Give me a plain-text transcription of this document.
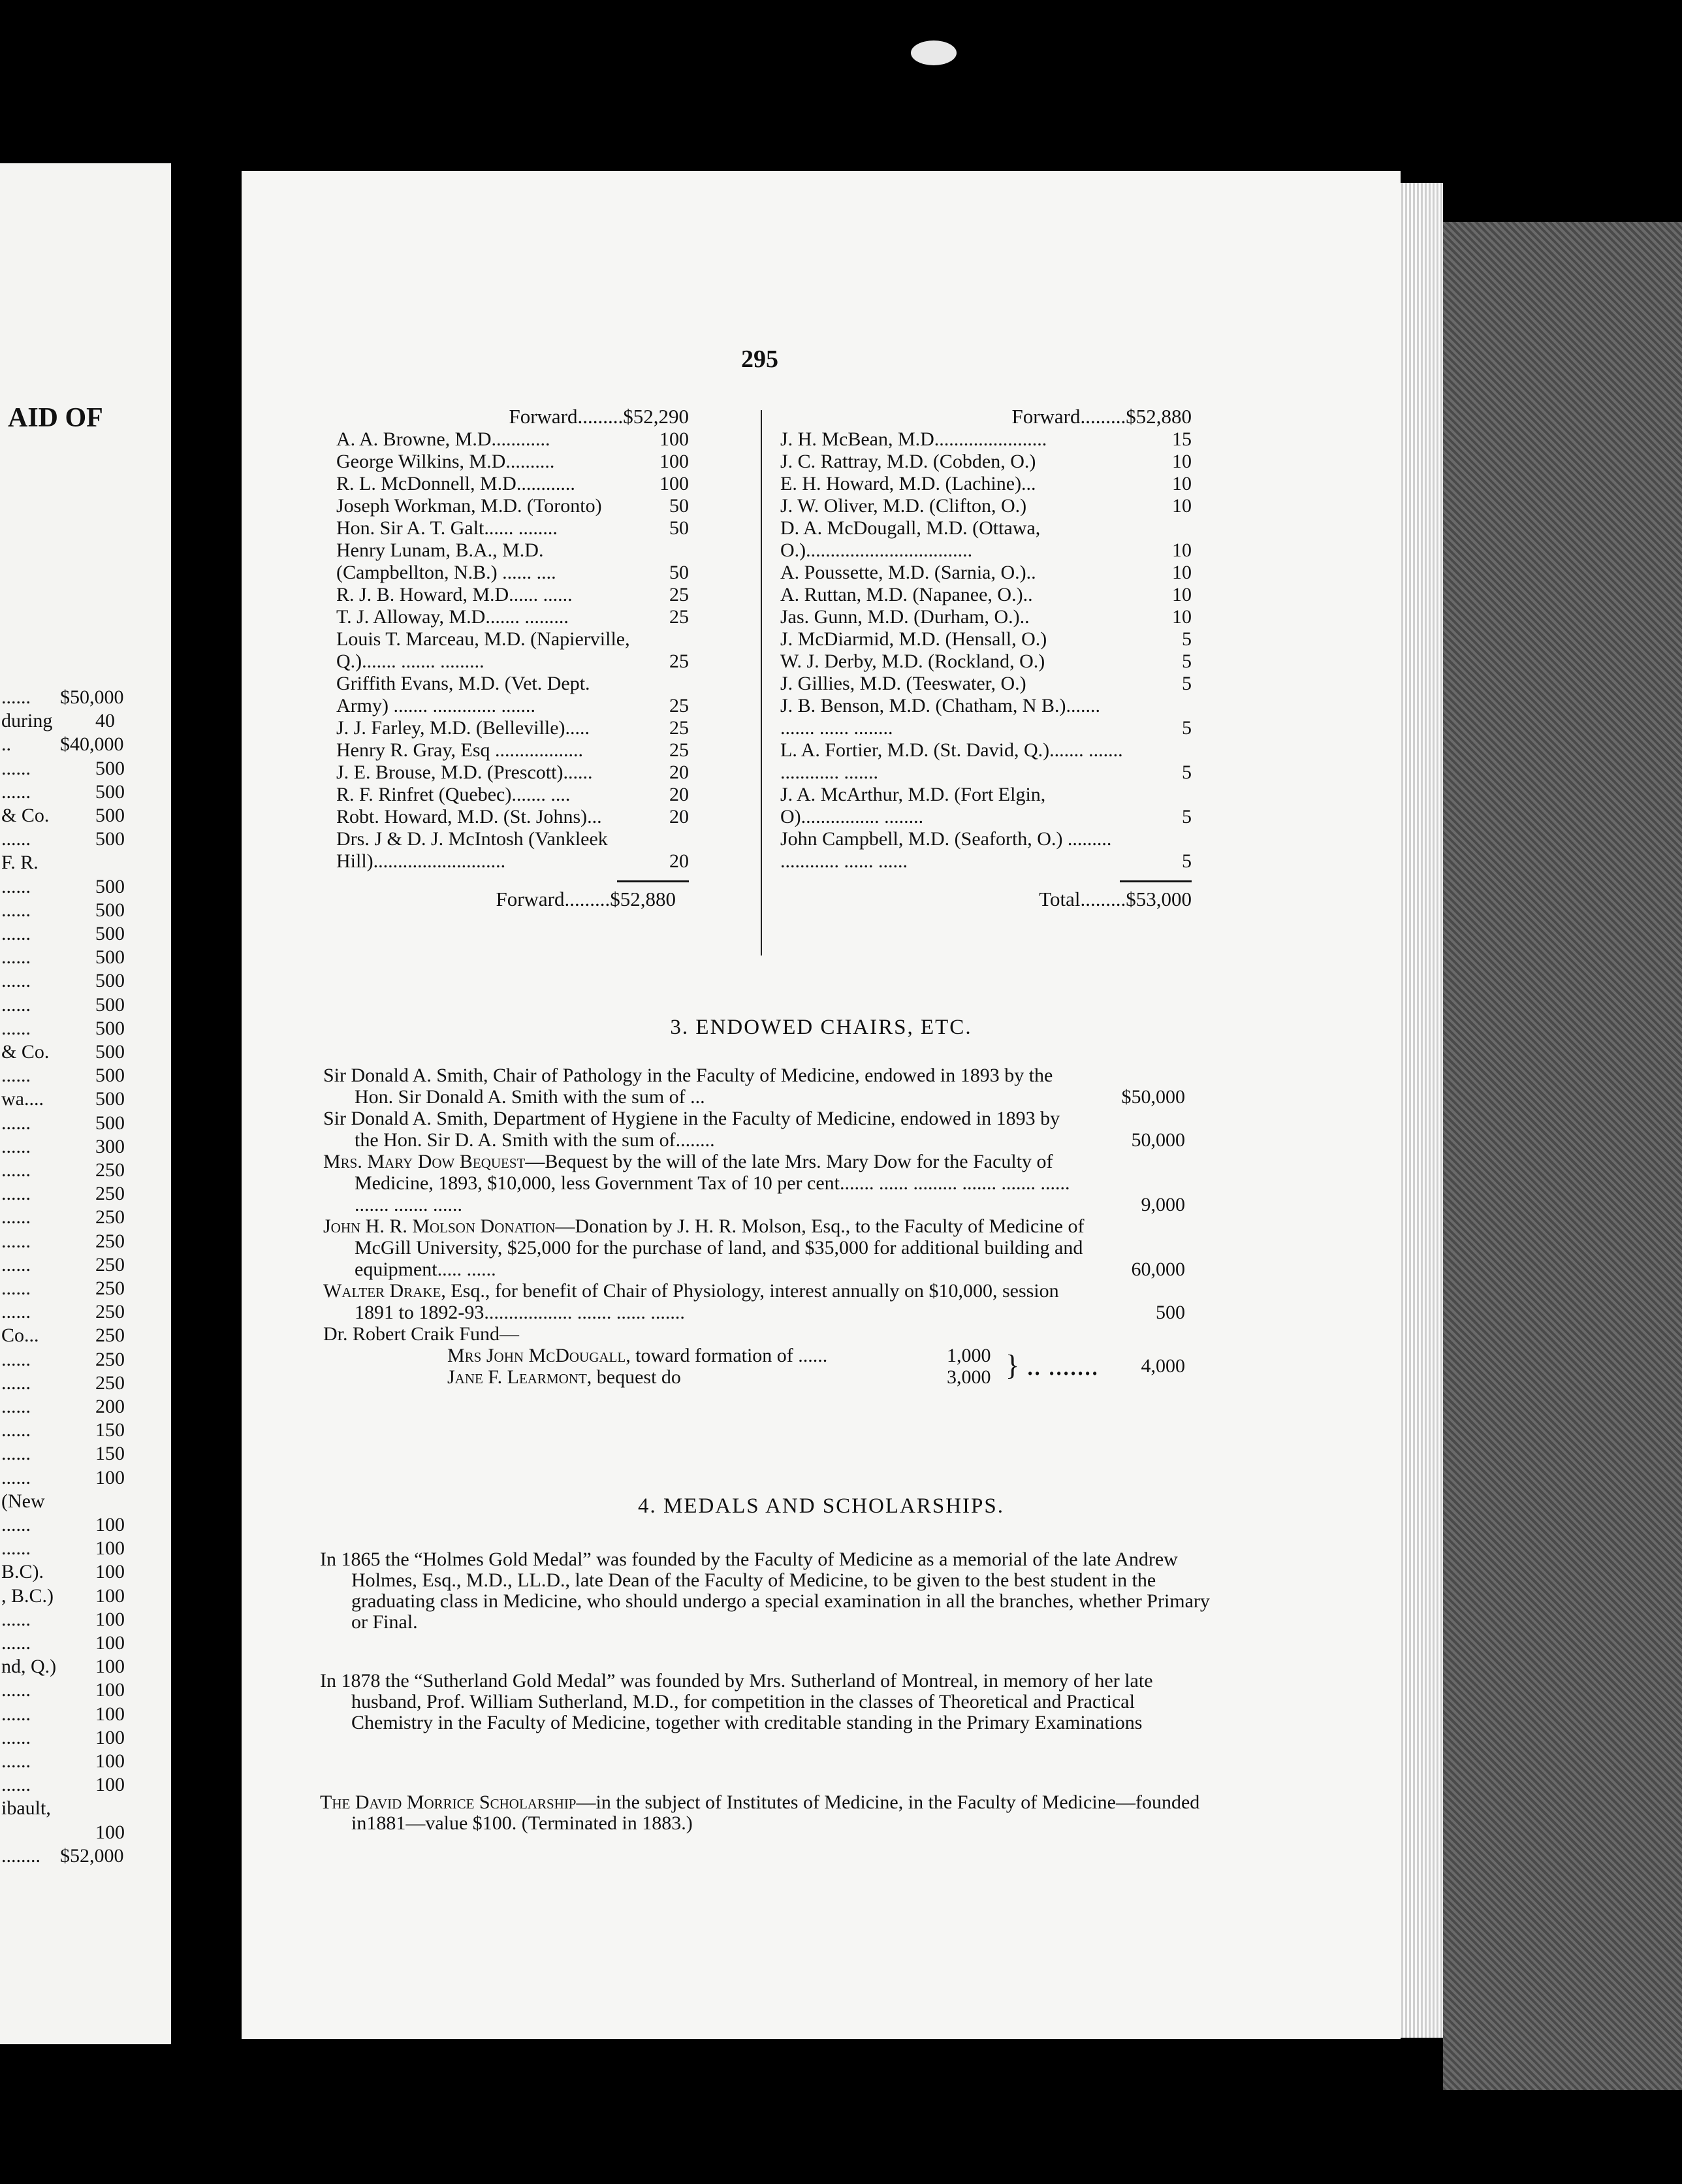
AID OF
...... $50,000
during 40
..	$40,000
......	500
......	500
& Co. 500
......	500
F. R.
......	500
......	500
......	500
......	500
......	500
......	500
......	500
& Co. 500
......	500
wa....	500
......	500
......	300
......	250
......	250
......	250
......	250
......	250
......	250
......	250
Co...	250
......	250
......	250
......	200
......	150
......	150
......	100
(New
......	100
......	100
B.C).	100
, B.C.) 100
......	100
......	100
nd, Q.) 100
......	100
......	100
......	100
......	100
......	100
ibault,
100
........ $52,000
295
Forward.........$52,290
A. A. Browne, M.D............	100
George Wilkins, M.D..........	100
R. L. McDonnell, M.D............	100
Joseph Workman, M.D. (Toronto)	50
Hon. Sir A. T. Galt...... ........	50
Henry Lunam, B.A., M.D. (Campbellton, N.B.) ...... ....	50
R. J. B. Howard, M.D...... ......	25
T. J. Alloway, M.D....... .........	25
Louis T. Marceau, M.D. (Napierville, Q.)....... ....... .........	25
Griffith Evans, M.D. (Vet. Dept. Army) ....... ............. .......	25
J. J. Farley, M.D. (Belleville).....	25
Henry R. Gray, Esq ..................	25
J. E. Brouse, M.D. (Prescott)......	20
R. F. Rinfret (Quebec)....... ....	20
Robt. Howard, M.D. (St. Johns)...	20
Drs. J & D. J. McIntosh (Vankleek Hill)...........................	20
Forward.........$52,880
Forward.........$52,880
J. H. McBean, M.D.......................	15
J. C. Rattray, M.D. (Cobden, O.)	10
E. H. Howard, M.D. (Lachine)...	10
J. W. Oliver, M.D. (Clifton, O.)	10
D. A. McDougall, M.D. (Ottawa, O.)..................................	10
A. Poussette, M.D. (Sarnia, O.)..	10
A. Ruttan, M.D. (Napanee, O.)..	10
Jas. Gunn, M.D. (Durham, O.)..	10
J. McDiarmid, M.D. (Hensall, O.)	5
W. J. Derby, M.D. (Rockland, O.)	5
J. Gillies, M.D. (Teeswater, O.)	5
J. B. Benson, M.D. (Chatham, N B.)....... ....... ...... ........	5
L. A. Fortier, M.D. (St. David, Q.)....... ....... ............ .......	5
J. A. McArthur, M.D. (Fort Elgin, O)................ ........	5
John Campbell, M.D. (Seaforth, O.) ......... ............ ...... ......	5
Total.........$53,000
3. ENDOWED CHAIRS, ETC.
Sir Donald A. Smith, Chair of Pathology in the Faculty of Medicine, endowed in 1893 by the Hon. Sir Donald A. Smith with the sum of ...	$50,000
Sir Donald A. Smith, Department of Hygiene in the Faculty of Medicine, endowed in 1893 by the Hon. Sir D. A. Smith with the sum of........	50,000
Mrs. Mary Dow Bequest—Bequest by the will of the late Mrs. Mary Dow for the Faculty of Medicine, 1893, $10,000, less Government Tax of 10 per cent....... ...... ......... ....... ....... ...... ....... ....... ......	9,000
John H. R. Molson Donation—Donation by J. H. R. Molson, Esq., to the Faculty of Medicine of McGill University, $25,000 for the purchase of land, and $35,000 for additional building and equipment..... ......	60,000
Walter Drake, Esq., for benefit of Chair of Physiology, interest annually on $10,000, session 1891 to 1892-93.................. ....... ...... .......	500
Dr. Robert Craik Fund—
Mrs John McDougall, toward formation of ......	1,000
Jane F. Learmont, bequest do	3,000 } .. ....... 4,000
4. MEDALS AND SCHOLARSHIPS.
In 1865 the “Holmes Gold Medal” was founded by the Faculty of Medicine as a memorial of the late Andrew Holmes, Esq., M.D., LL.D., late Dean of the Faculty of Medicine, to be given to the best student in the graduating class in Medicine, who should undergo a special examination in all the branches, whether Primary or Final.
In 1878 the “Sutherland Gold Medal” was founded by Mrs. Sutherland of Montreal, in memory of her late husband, Prof. William Sutherland, M.D., for competition in the classes of Theoretical and Practical Chemistry in the Faculty of Medicine, together with creditable standing in the Primary Examinations
The David Morrice Scholarship—in the subject of Institutes of Medicine, in the Faculty of Medicine—founded in1881—value $100. (Terminated in 1883.)
